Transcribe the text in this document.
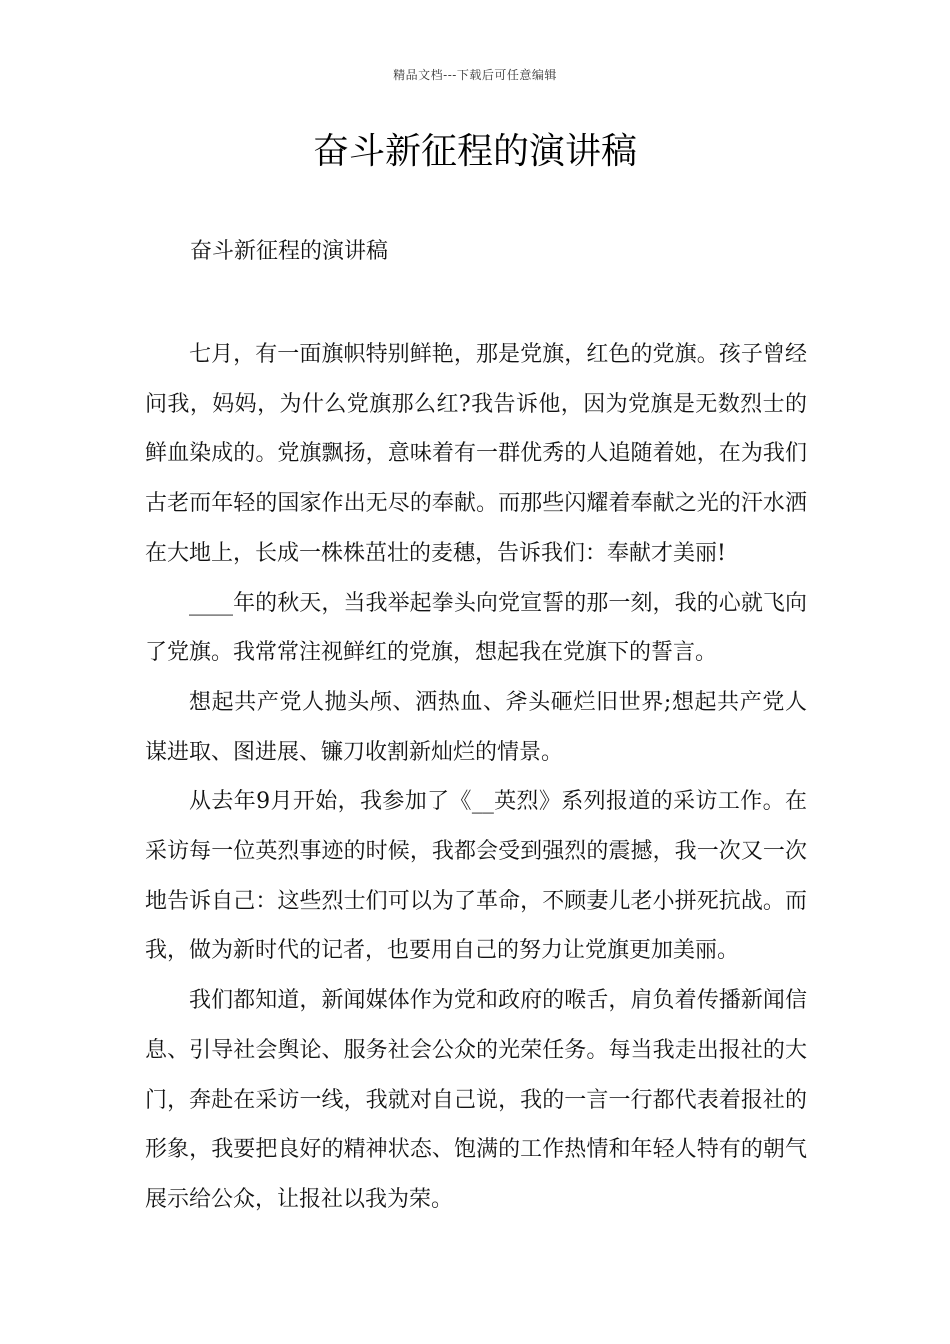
精品文档---下载后可任意编辑
奋斗新征程的演讲稿

奋斗新征程的演讲稿

七月，有一面旗帜特别鲜艳，那是党旗，红色的党旗。孩子曾经问我，妈妈，为什么党旗那么红?我告诉他，因为党旗是无数烈士的鲜血染成的。党旗飘扬，意味着有一群优秀的人追随着她，在为我们古老而年轻的国家作出无尽的奉献。而那些闪耀着奉献之光的汗水洒在大地上，长成一株株茁壮的麦穗，告诉我们：奉献才美丽!

____年的秋天，当我举起拳头向党宣誓的那一刻，我的心就飞向了党旗。我常常注视鲜红的党旗，想起我在党旗下的誓言。

想起共产党人抛头颅、洒热血、斧头砸烂旧世界;想起共产党人谋进取、图进展、镰刀收割新灿烂的情景。

从去年9月开始，我参加了《__英烈》系列报道的采访工作。在采访每一位英烈事迹的时候，我都会受到强烈的震撼，我一次又一次地告诉自己：这些烈士们可以为了革命，不顾妻儿老小拼死抗战。而我，做为新时代的记者，也要用自己的努力让党旗更加美丽。

我们都知道，新闻媒体作为党和政府的喉舌，肩负着传播新闻信息、引导社会舆论、服务社会公众的光荣任务。每当我走出报社的大门，奔赴在采访一线，我就对自己说，我的一言一行都代表着报社的形象，我要把良好的精神状态、饱满的工作热情和年轻人特有的朝气展示给公众，让报社以我为荣。
